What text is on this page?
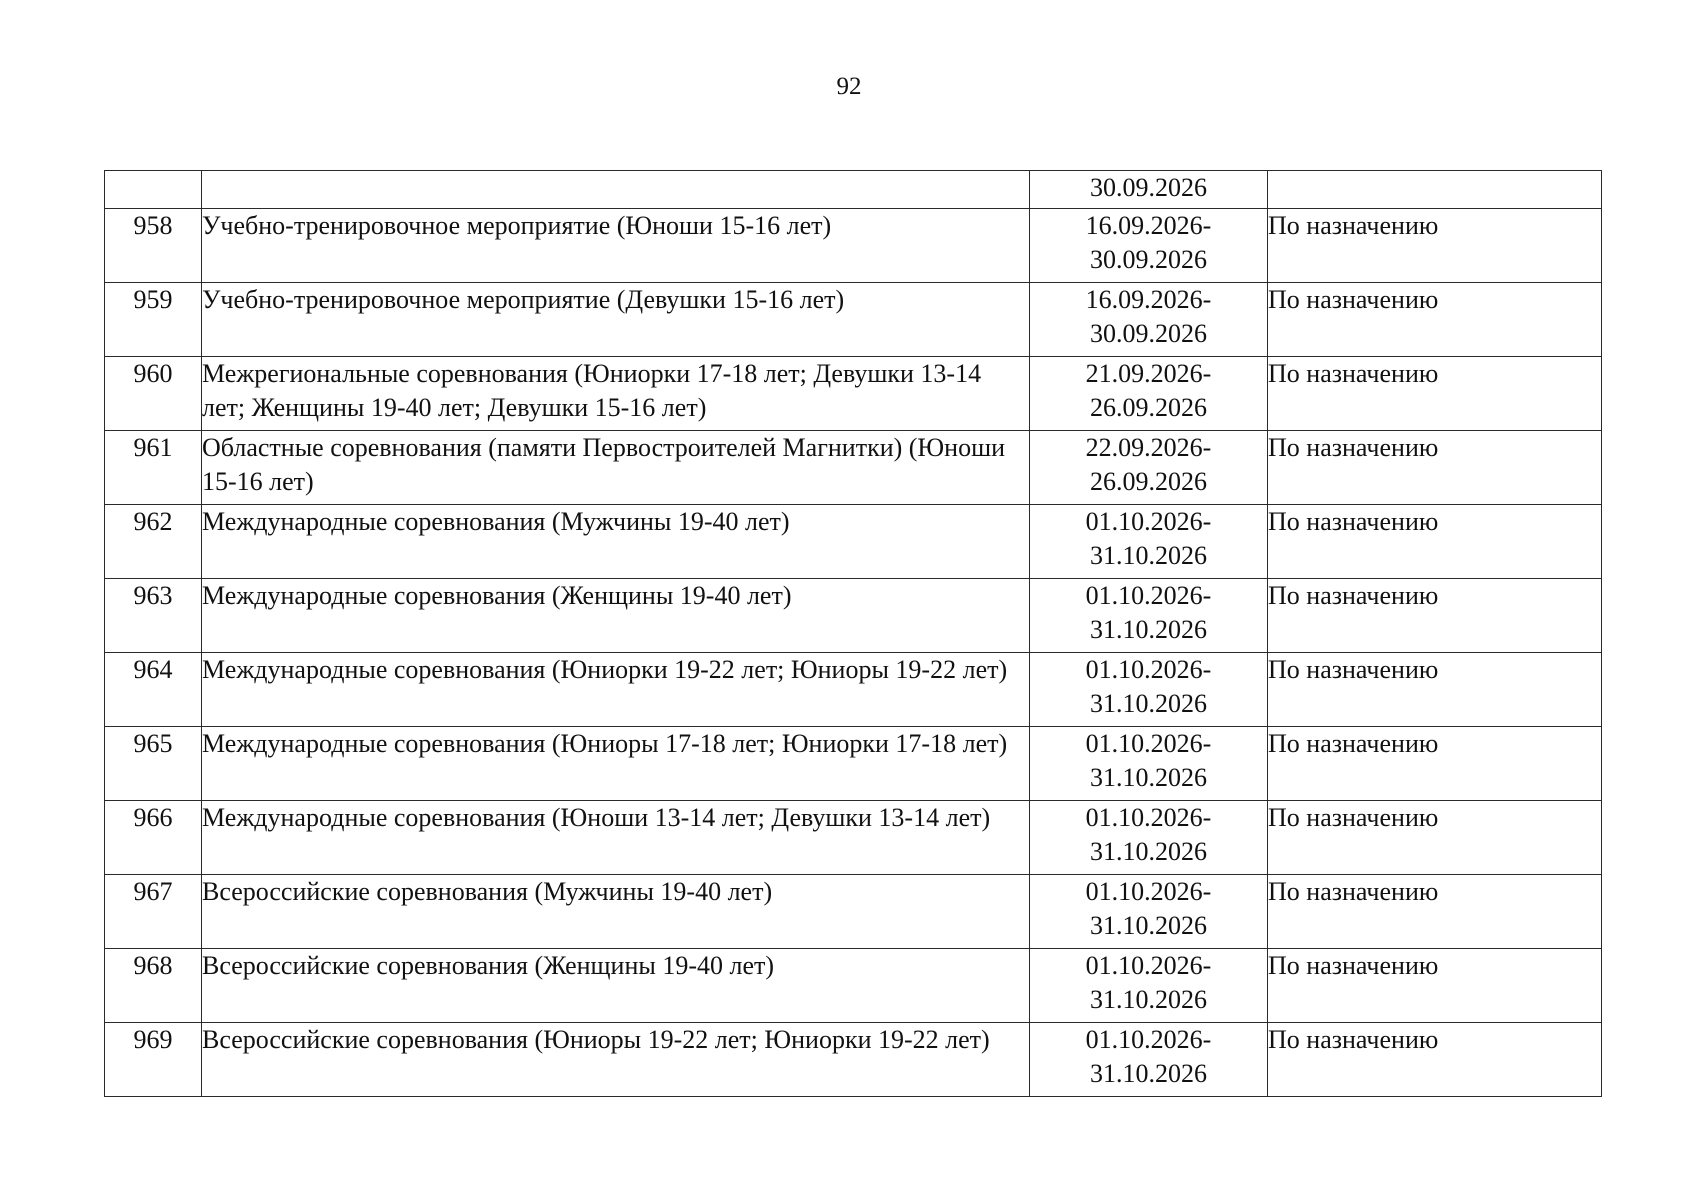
92

		30.09.2026	

958	Учебно-тренировочное мероприятие (Юноши 15-16 лет)	16.09.2026-
30.09.2026	По назначению

959	Учебно-тренировочное мероприятие (Девушки 15-16 лет)	16.09.2026-
30.09.2026	По назначению

960	Межрегиональные соревнования (Юниорки 17-18 лет; Девушки 13-14 лет; Женщины 19-40 лет; Девушки 15-16 лет)	21.09.2026-
26.09.2026	По назначению

961	Областные соревнования (памяти Первостроителей Магнитки) (Юноши 15-16 лет)	22.09.2026-
26.09.2026	По назначению

962	Международные соревнования (Мужчины 19-40 лет)	01.10.2026-
31.10.2026	По назначению

963	Международные соревнования (Женщины 19-40 лет)	01.10.2026-
31.10.2026	По назначению

964	Международные соревнования (Юниорки 19-22 лет; Юниоры 19-22 лет)	01.10.2026-
31.10.2026	По назначению

965	Международные соревнования (Юниоры 17-18 лет; Юниорки 17-18 лет)	01.10.2026-
31.10.2026	По назначению

966	Международные соревнования (Юноши 13-14 лет; Девушки 13-14 лет)	01.10.2026-
31.10.2026	По назначению

967	Всероссийские соревнования (Мужчины 19-40 лет)	01.10.2026-
31.10.2026	По назначению

968	Всероссийские соревнования (Женщины 19-40 лет)	01.10.2026-
31.10.2026	По назначению

969	Всероссийские соревнования (Юниоры 19-22 лет; Юниорки 19-22 лет)	01.10.2026-
31.10.2026	По назначению
